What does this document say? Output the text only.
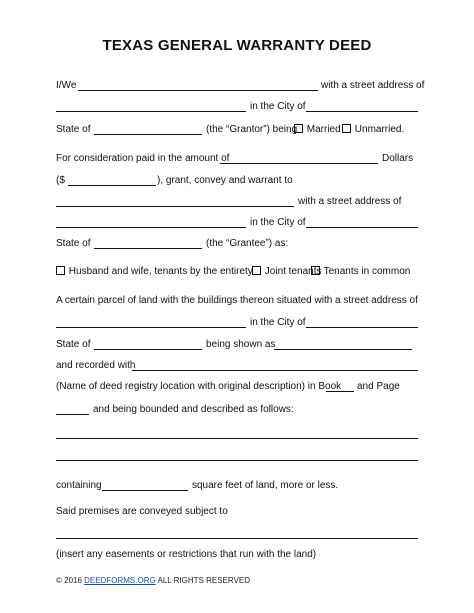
TEXAS GENERAL WARRANTY DEED
I/We	with a street address of
in the City of
State of	(the “Grantor”) being Married	Unmarried.
For consideration paid in the amount of	Dollars
($	), grant, convey and warrant to
with a street address of
in the City of
State of	(the “Grantee”) as:
Husband and wife, tenants by the entirety	Joint tenants Tenants in common
A certain parcel of land with the buildings thereon situated with a street address of
in the City of
State of	being shown as
and recorded with
(Name of deed registry location with original description) in Book and Page
and being bounded and described as follows:
containing	square feet of land, more or less.
Said premises are conveyed subject to
(insert any easements or restrictions that run with the land)
© 2016 DEEDFORMS.ORG ALL RIGHTS RESERVED
